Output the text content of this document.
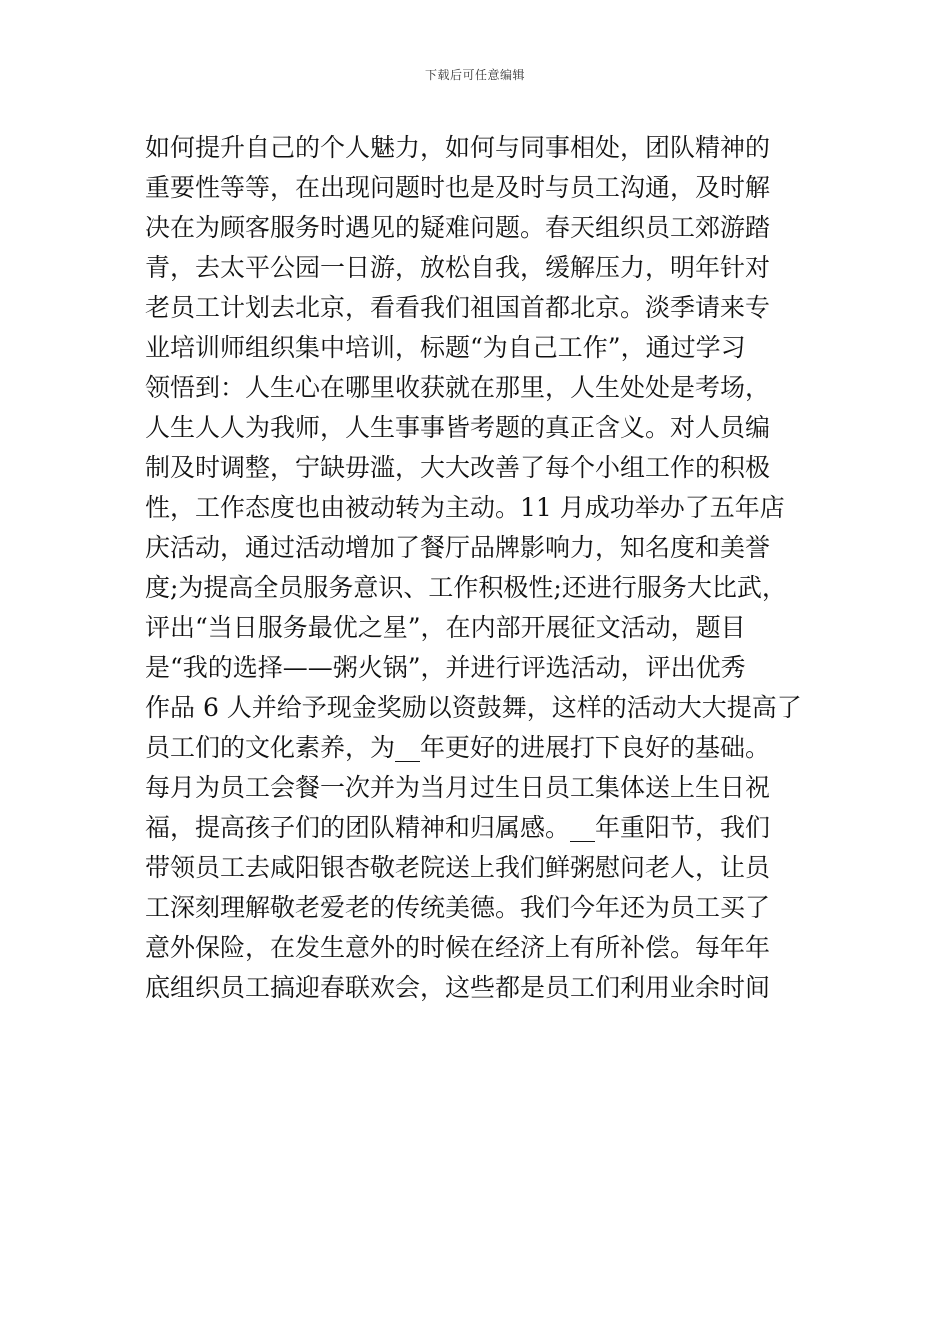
下载后可任意编辑
如何提升自己的个人魅力，如何与同事相处，团队精神的
重要性等等，在出现问题时也是及时与员工沟通，及时解
决在为顾客服务时遇见的疑难问题。春天组织员工郊游踏
青，去太平公园一日游，放松自我，缓解压力，明年针对
老员工计划去北京，看看我们祖国首都北京。淡季请来专
业培训师组织集中培训，标题“为自己工作”，通过学习
领悟到：人生心在哪里收获就在那里，人生处处是考场，
人生人人为我师，人生事事皆考题的真正含义。对人员编
制及时调整，宁缺毋滥，大大改善了每个小组工作的积极
性，工作态度也由被动转为主动。11 月成功举办了五年店
庆活动，通过活动增加了餐厅品牌影响力，知名度和美誉
度;为提高全员服务意识、工作积极性;还进行服务大比武，
评出“当日服务最优之星”，在内部开展征文活动，题目
是“我的选择——粥火锅”，并进行评选活动，评出优秀
作品 6 人并给予现金奖励以资鼓舞，这样的活动大大提高了
员工们的文化素养，为__年更好的进展打下良好的基础。
每月为员工会餐一次并为当月过生日员工集体送上生日祝
福，提高孩子们的团队精神和归属感。__年重阳节，我们
带领员工去咸阳银杏敬老院送上我们鲜粥慰问老人，让员
工深刻理解敬老爱老的传统美德。我们今年还为员工买了
意外保险，在发生意外的时候在经济上有所补偿。每年年
底组织员工搞迎春联欢会，这些都是员工们利用业余时间
